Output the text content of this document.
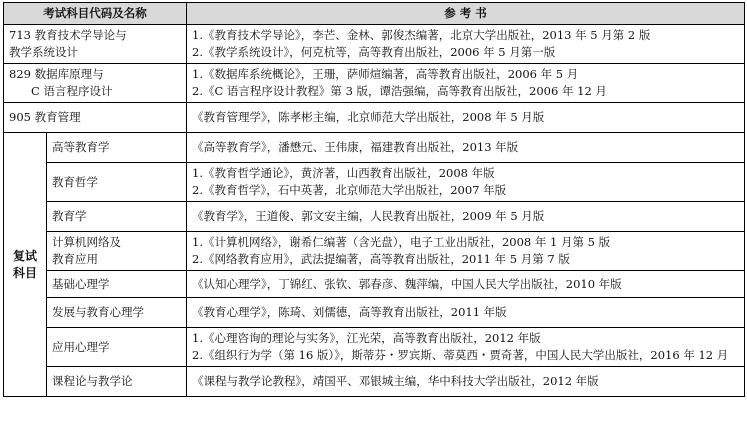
考试科目代码及名称		参 考 书

713 教育技术学导论与
教学系统设计		1.《教育技术学导论》，李芒、金林、郭俊杰编著，北京大学出版社，2013 年 5 月第 2 版
2.《教学系统设计》，何克杭等，高等教育出版社，2006 年 5 月第一版

829 数据库原理与
C 语言程序设计		1.《数据库系统概论》，王珊，萨师煊编著，高等教育出版社，2006 年 5 月
2.《C 语言程序设计教程》第 3 版，谭浩强编，高等教育出版社，2006 年 12 月

905 教育管理		《教育管理学》，陈孝彬主编，北京师范大学出版社，2008 年 5 月版

复试
科目	高等教育学	《高等教育学》，潘懋元、王伟康，福建教育出版社，2013 年版
	教育哲学	1.《教育哲学通论》，黄济著，山西教育出版社，2008 年版
2.《教育哲学》，石中英著，北京师范大学出版社，2007 年版

	教育学	《教育学》，王道俊、郭文安主编，人民教育出版社，2009 年 5 月版

	计算机网络及
教育应用	1.《计算机网络》，谢希仁编著（含光盘），电子工业出版社，2008 年 1 月第 5 版
2.《网络教育应用》，武法提编著，高等教育出版社，2011 年 5 月第 7 版

	基础心理学	《认知心理学》，丁锦红、张钦、郭春彦、魏萍编，中国人民大学出版社，2010 年版
	发展与教育心理学	《教育心理学》，陈琦、刘儒德，高等教育出版社，2011 年版
	应用心理学	1.《心理咨询的理论与实务》，江光荣，高等教育出版社，2012 年版
2.《组织行为学（第 16 版）》，斯蒂芬・罗宾斯、蒂莫西・贾奇著，中国人民大学出版社，2016 年 12 月

	课程论与教学论	《课程与教学论教程》，靖国平、邓银城主编，华中科技大学出版社，2012 年版
